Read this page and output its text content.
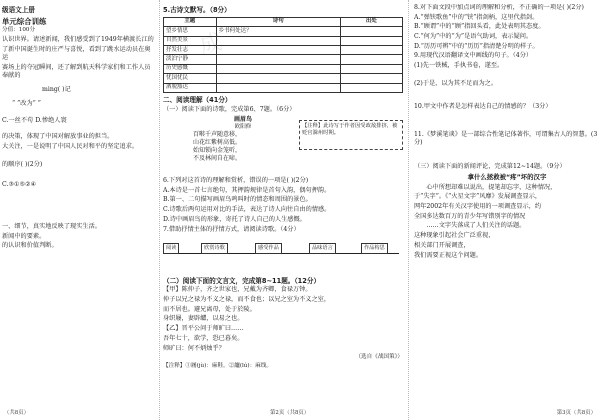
成
级语文上册
单元综合训练
分值：100分
认识世界。请述新闻，我们感受到了1949年横渡长江的
了新中国诞生时的庄严与喜悦，看到了跳水运动员在奥运
赛场上的夺冠瞬间，还了解到航天科学家们和工作人员奉献的
ming( )记
“ ”改为“ ”
C.一丝不苟 D.惨绝人寰
的决策，体现了中国对解放事业的担当。
大关注，一是说明了中国人民对和平的坚定追求。
的顺序( )(2分)
C.③①⑤②④
一、细节，真实地反映了现实生活。
新闻中的要素。
的认识和价值判断。
（共8页）
5.古诗文默写。（8分）
主题	诗句	出处
望乡情思	乡书何处达？	
自然美景		
抒发壮志		
淡泊宁静		
历史感慨		
忧国忧民		
洒脱豁达		
二、阅读理解（41分）
（一）阅读下面的诗歌，完成第6、7题。（6分）
画眉鸟
欧阳修
百啭千声随意移，
山花红紫树高低。
始知锁向金笼听，
不及林间自在啼。
【注释】此诗写于作者因受政敌排挤，被贬官滁州时期。
6.下列对这首诗的理解和赏析，错误的一项是( )(2分)
A.本诗是一首七言绝句，其押韵规律是首句入韵，偶句押韵。
B.第一、二句描写画眉鸟鸣叫时的情态和周围的景色。
C.诗歌后两句运用对比的手法，表达了诗人向往自由的情感。
D.诗中画眉鸟的形象，寄托了诗人自己的人生感慨。
7.借助抒情主体的抒情方式，请阅读诗歌。（4分）
阅读	欣赏诗歌	感受作品	品味语言	作品构思
（二）阅读下面的文言文，完成第8~11题。（12分）
【甲】陈仲子，齐之世家也，兄戴为齐卿，食禄万钟。
仲子以兄之禄为不义之禄，而不食也；以兄之室为不义之室，
而不居也。避兄离母，处于於陵。
身织屦，妻辟纑，以易之也。
【乙】晋平公问于师旷曰……
吾年七十，欲学，恐已暮矣。
师旷曰：何不炳烛乎？
（选自《战国策》）
【注释】①屦(jù)：麻鞋。②纑(lú)：麻线。
第2页（共8页）
8.对下面文段中加点词的理解和分析，不正确的一项是( )(2分)
A.“弹铗歌鱼”中的“铗”指剑柄，这里代指剑。
B.“顾谓”中的“顾”指回头看，此处表明其态度。
C.“何为”中的“为”是语气助词，表示疑问。
D.“历历可辨”中的“历历”指清楚分明的样子。
9.用现代汉语翻译文中画线的句子。（4分）
(1)先一铁械，手执书卷，遂至。
(2)于是，以为其不足而为之。
10.甲文中作者是怎样表达自己的情感的？（3分）
11.《梦溪笔谈》是一部综合性笔记体著作，可谓集古人的智慧。(3分)
（三）阅读下面的新闻评论，完成第12~14题。（9分）
拿什么拯救被“疼”坏的汉字
　　心中所想却难以说出，提笔却忘字，这种情况，
于“失字”。《“火星文字”风靡》发展调查显示，
网年2002年有关汉字使用的一项调查显示，约
全国多达数百万的青少年写错别字的情况
　　……文字失落成了人们关注的话题。
这种现象引起社会广泛重视，
相关部门开展调查，
我们需要正视这个问题。
第3页（共8页）
